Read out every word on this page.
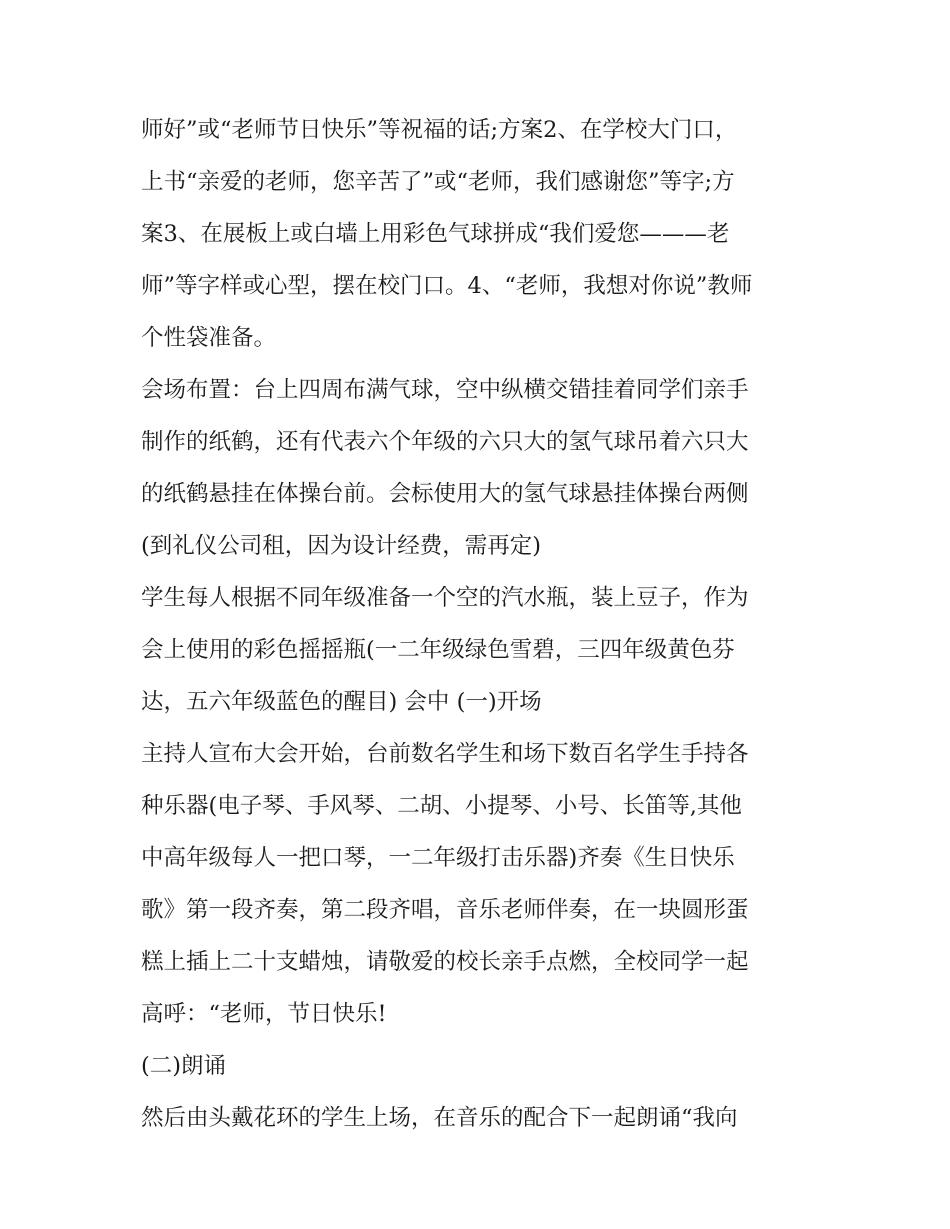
师好”或“老师节日快乐”等祝福的话;方案2、在学校大门口，
上书“亲爱的老师，您辛苦了”或“老师，我们感谢您”等字;方
案3、在展板上或白墙上用彩色气球拼成“我们爱您———老
师”等字样或心型，摆在校门口。4、“老师，我想对你说”教师
个性袋准备。
会场布置：台上四周布满气球，空中纵横交错挂着同学们亲手
制作的纸鹤，还有代表六个年级的六只大的氢气球吊着六只大
的纸鹤悬挂在体操台前。会标使用大的氢气球悬挂体操台两侧
(到礼仪公司租，因为设计经费，需再定)
学生每人根据不同年级准备一个空的汽水瓶，装上豆子，作为
会上使用的彩色摇摇瓶(一二年级绿色雪碧，三四年级黄色芬
达，五六年级蓝色的醒目) 会中 (一)开场
主持人宣布大会开始，台前数名学生和场下数百名学生手持各
种乐器(电子琴、手风琴、二胡、小提琴、小号、长笛等,其他
中高年级每人一把口琴，一二年级打击乐器)齐奏《生日快乐
歌》第一段齐奏，第二段齐唱，音乐老师伴奏，在一块圆形蛋
糕上插上二十支蜡烛，请敬爱的校长亲手点燃，全校同学一起
高呼：“老师，节日快乐!
(二)朗诵
然后由头戴花环的学生上场，在音乐的配合下一起朗诵“我向
